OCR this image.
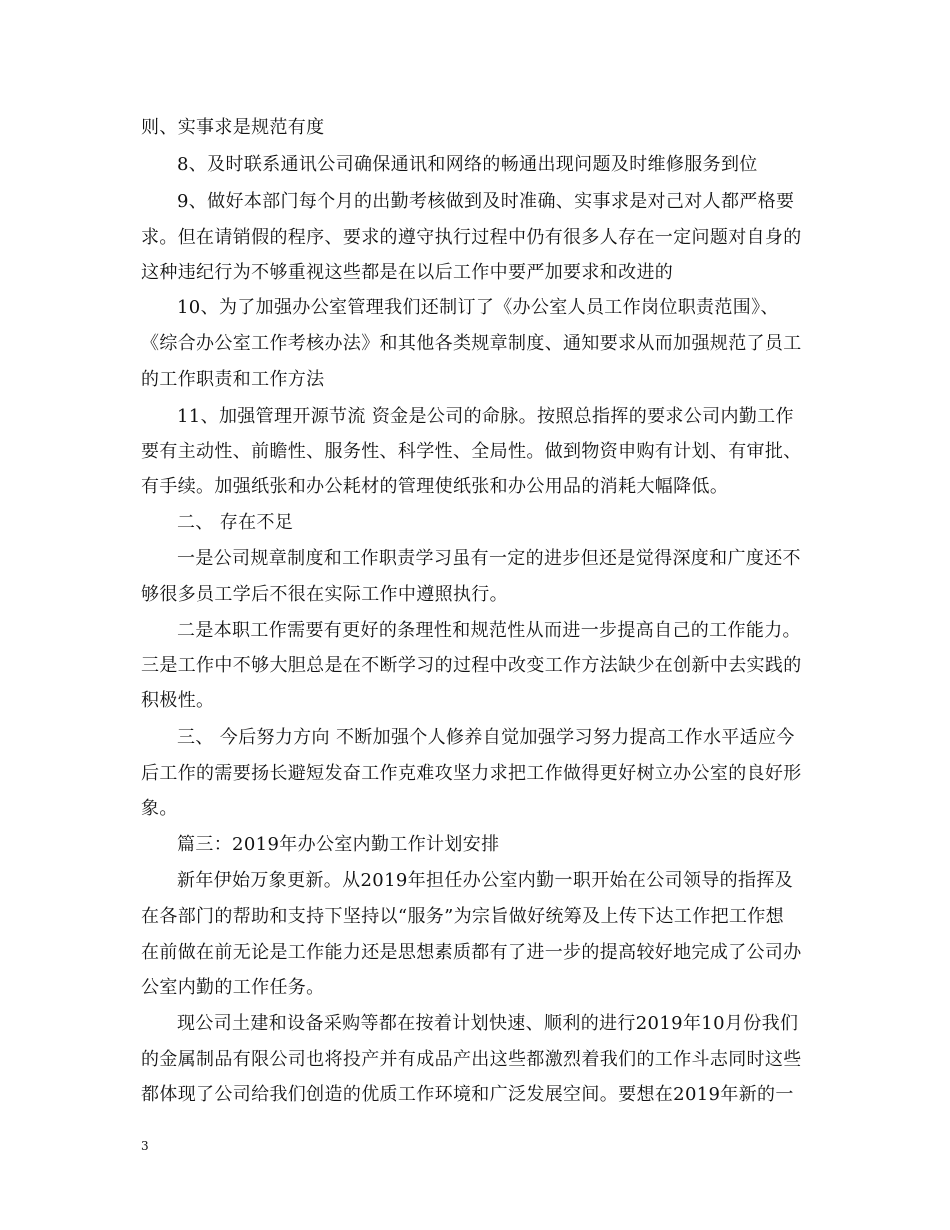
则、实事求是规范有度
8、及时联系通讯公司确保通讯和网络的畅通出现问题及时维修服务到位
9、做好本部门每个月的出勤考核做到及时准确、实事求是对己对人都严格要
求。但在请销假的程序、要求的遵守执行过程中仍有很多人存在一定问题对自身的
这种违纪行为不够重视这些都是在以后工作中要严加要求和改进的
10、为了加强办公室管理我们还制订了《办公室人员工作岗位职责范围》、
《综合办公室工作考核办法》和其他各类规章制度、通知要求从而加强规范了员工
的工作职责和工作方法
11、加强管理开源节流 资金是公司的命脉。按照总指挥的要求公司内勤工作
要有主动性、前瞻性、服务性、科学性、全局性。做到物资申购有计划、有审批、
有手续。加强纸张和办公耗材的管理使纸张和办公用品的消耗大幅降低。
二、 存在不足
一是公司规章制度和工作职责学习虽有一定的进步但还是觉得深度和广度还不
够很多员工学后不很在实际工作中遵照执行。
二是本职工作需要有更好的条理性和规范性从而进一步提高自己的工作能力。
三是工作中不够大胆总是在不断学习的过程中改变工作方法缺少在创新中去实践的
积极性。
三、 今后努力方向 不断加强个人修养自觉加强学习努力提高工作水平适应今
后工作的需要扬长避短发奋工作克难攻坚力求把工作做得更好树立办公室的良好形
象。
篇三：2019年办公室内勤工作计划安排
新年伊始万象更新。从2019年担任办公室内勤一职开始在公司领导的指挥及
在各部门的帮助和支持下坚持以“服务”为宗旨做好统筹及上传下达工作把工作想
在前做在前无论是工作能力还是思想素质都有了进一步的提高较好地完成了公司办
公室内勤的工作任务。
现公司土建和设备采购等都在按着计划快速、顺利的进行2019年10月份我们
的金属制品有限公司也将投产并有成品产出这些都激烈着我们的工作斗志同时这些
都体现了公司给我们创造的优质工作环境和广泛发展空间。要想在2019年新的一
3
